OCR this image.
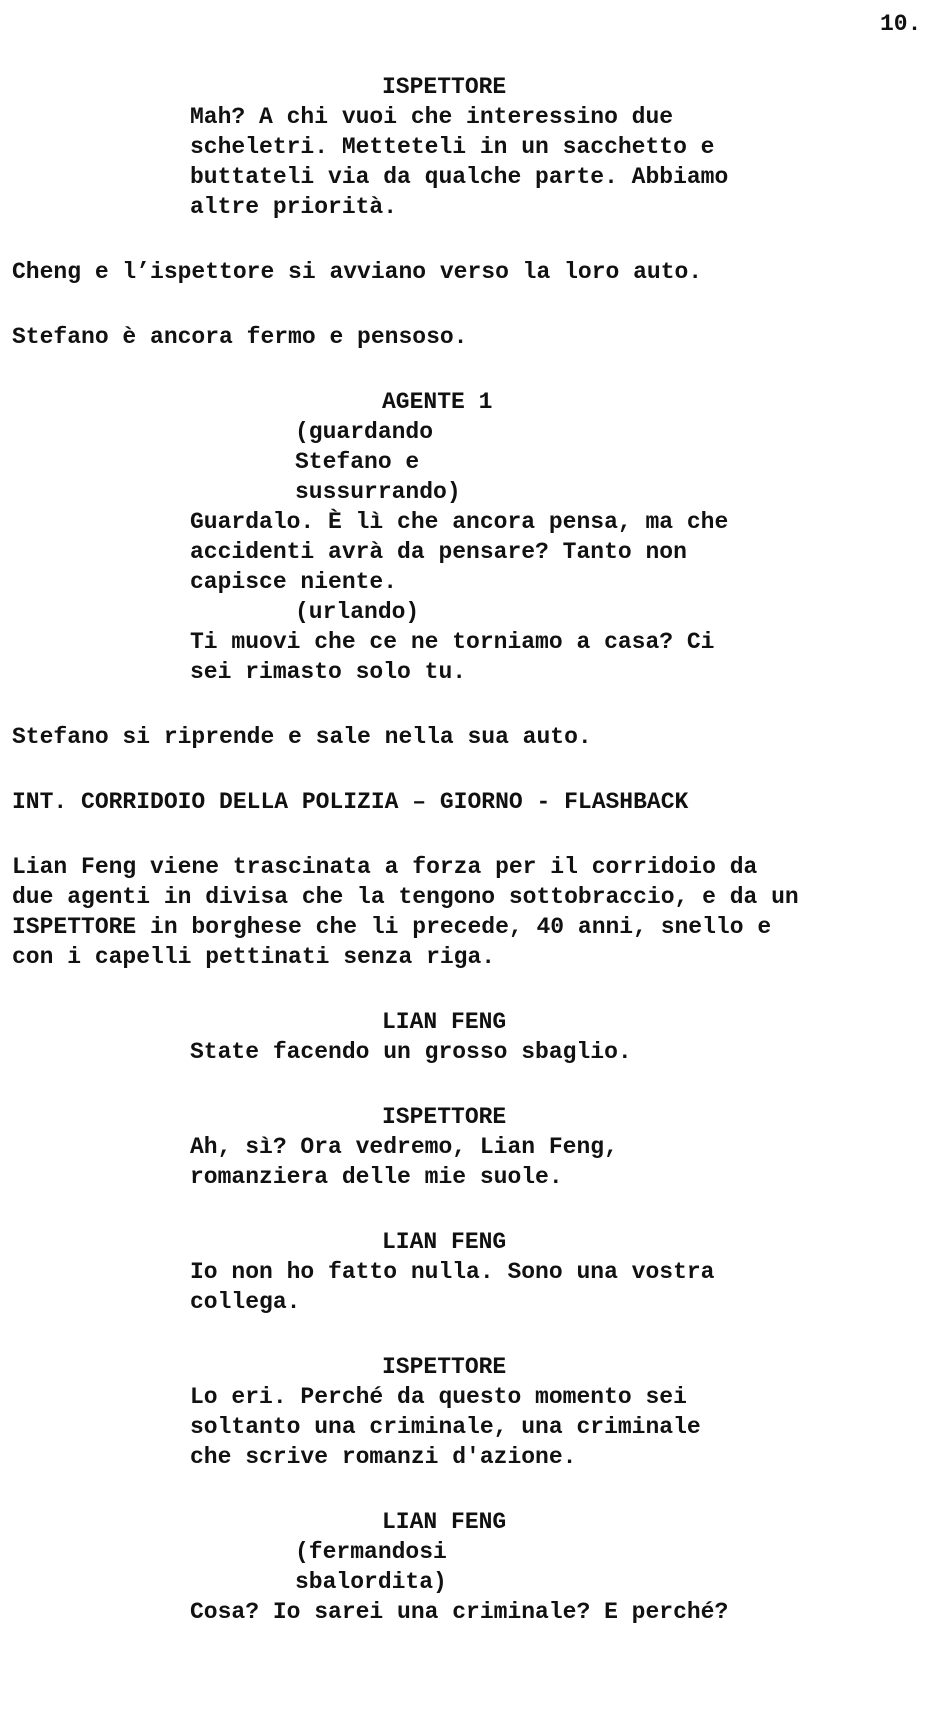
10.
ISPETTORE
Mah? A chi vuoi che interessino due
scheletri. Metteteli in un sacchetto e
buttateli via da qualche parte. Abbiamo
altre priorità.
Cheng e l’ispettore si avviano verso la loro auto.
Stefano è ancora fermo e pensoso.
AGENTE 1
(guardando
Stefano e
sussurrando)
Guardalo. È lì che ancora pensa, ma che
accidenti avrà da pensare? Tanto non
capisce niente.
(urlando)
Ti muovi che ce ne torniamo a casa? Ci
sei rimasto solo tu.
Stefano si riprende e sale nella sua auto.
INT. CORRIDOIO DELLA POLIZIA – GIORNO - FLASHBACK
Lian Feng viene trascinata a forza per il corridoio da
due agenti in divisa che la tengono sottobraccio, e da un
ISPETTORE in borghese che li precede, 40 anni, snello e
con i capelli pettinati senza riga.
LIAN FENG
State facendo un grosso sbaglio.
ISPETTORE
Ah, sì? Ora vedremo, Lian Feng,
romanziera delle mie suole.
LIAN FENG
Io non ho fatto nulla. Sono una vostra
collega.
ISPETTORE
Lo eri. Perché da questo momento sei
soltanto una criminale, una criminale
che scrive romanzi d'azione.
LIAN FENG
(fermandosi
sbalordita)
Cosa? Io sarei una criminale? E perché?
